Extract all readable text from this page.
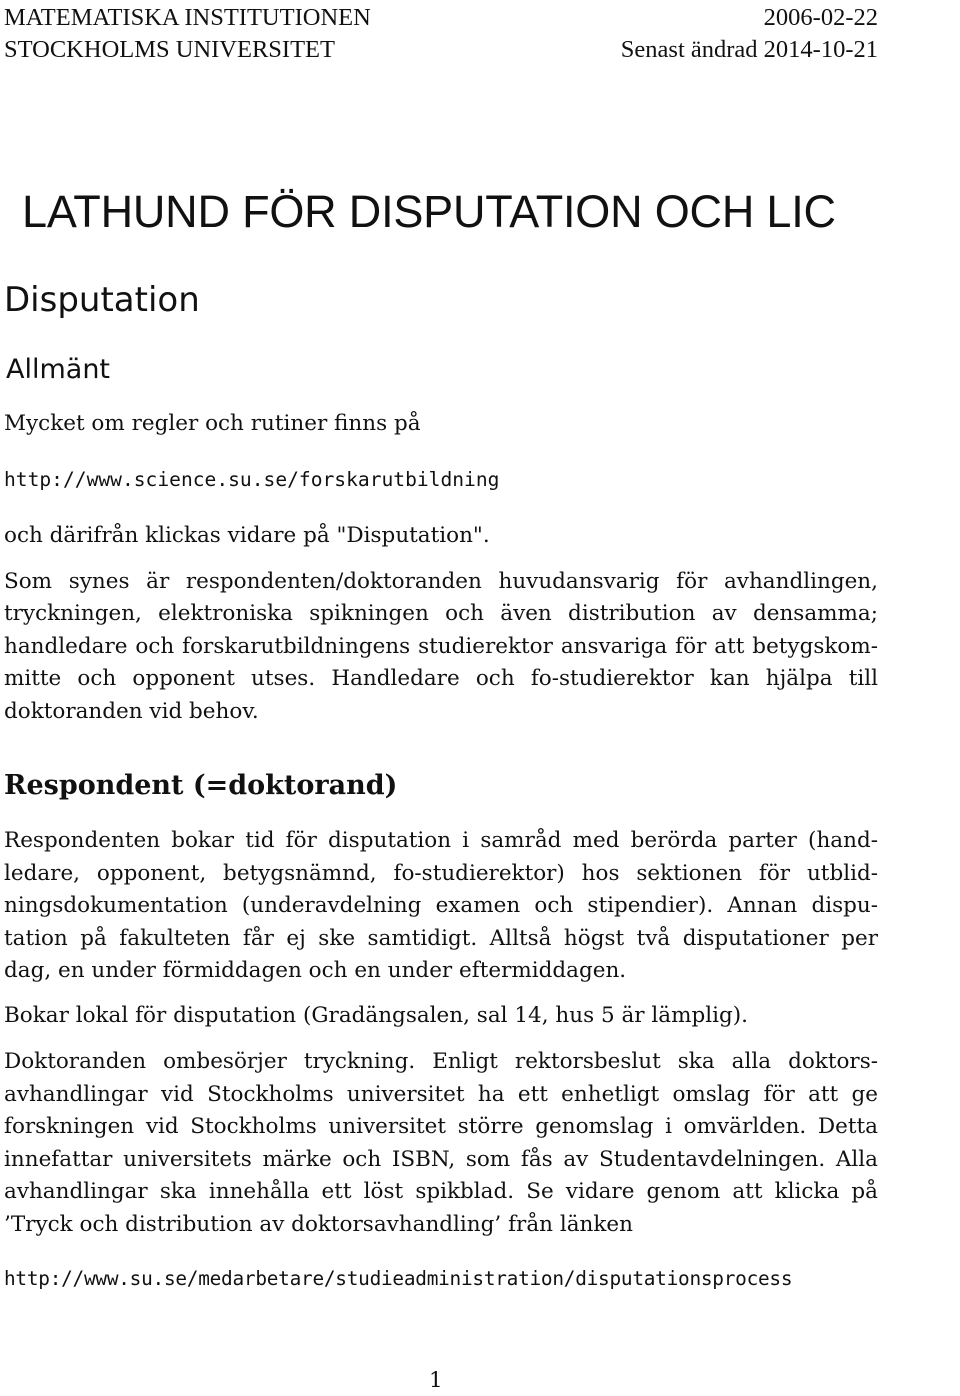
MATEMATISKA INSTITUTIONEN	2006-02-22
STOCKHOLMS UNIVERSITET	Senast ändrad 2014-10-21
LATHUND FÖR DISPUTATION OCH LIC
Disputation
Allmänt
Mycket om regler och rutiner finns på
http://www.science.su.se/forskarutbildning
och därifrån klickas vidare på "Disputation".
Som synes är respondenten/doktoranden huvudansvarig för avhandlingen,
tryckningen, elektroniska spikningen och även distribution av densamma;
handledare och forskarutbildningens studierektor ansvariga för att betygskom-
mitte och opponent utses. Handledare och fo-studierektor kan hjälpa till
doktoranden vid behov.
Respondent (=doktorand)
Respondenten bokar tid för disputation i samråd med berörda parter (hand-
ledare, opponent, betygsnämnd, fo-studierektor) hos sektionen för utblid-
ningsdokumentation (underavdelning examen och stipendier). Annan dispu-
tation på fakulteten får ej ske samtidigt. Alltså högst två disputationer per
dag, en under förmiddagen och en under eftermiddagen.
Bokar lokal för disputation (Gradängsalen, sal 14, hus 5 är lämplig).
Doktoranden ombesörjer tryckning. Enligt rektorsbeslut ska alla doktors-
avhandlingar vid Stockholms universitet ha ett enhetligt omslag för att ge
forskningen vid Stockholms universitet större genomslag i omvärlden. Detta
innefattar universitets märke och ISBN, som fås av Studentavdelningen. Alla
avhandlingar ska innehålla ett löst spikblad. Se vidare genom att klicka på
’Tryck och distribution av doktorsavhandling’ från länken
http://www.su.se/medarbetare/studieadministration/disputationsprocess
1
